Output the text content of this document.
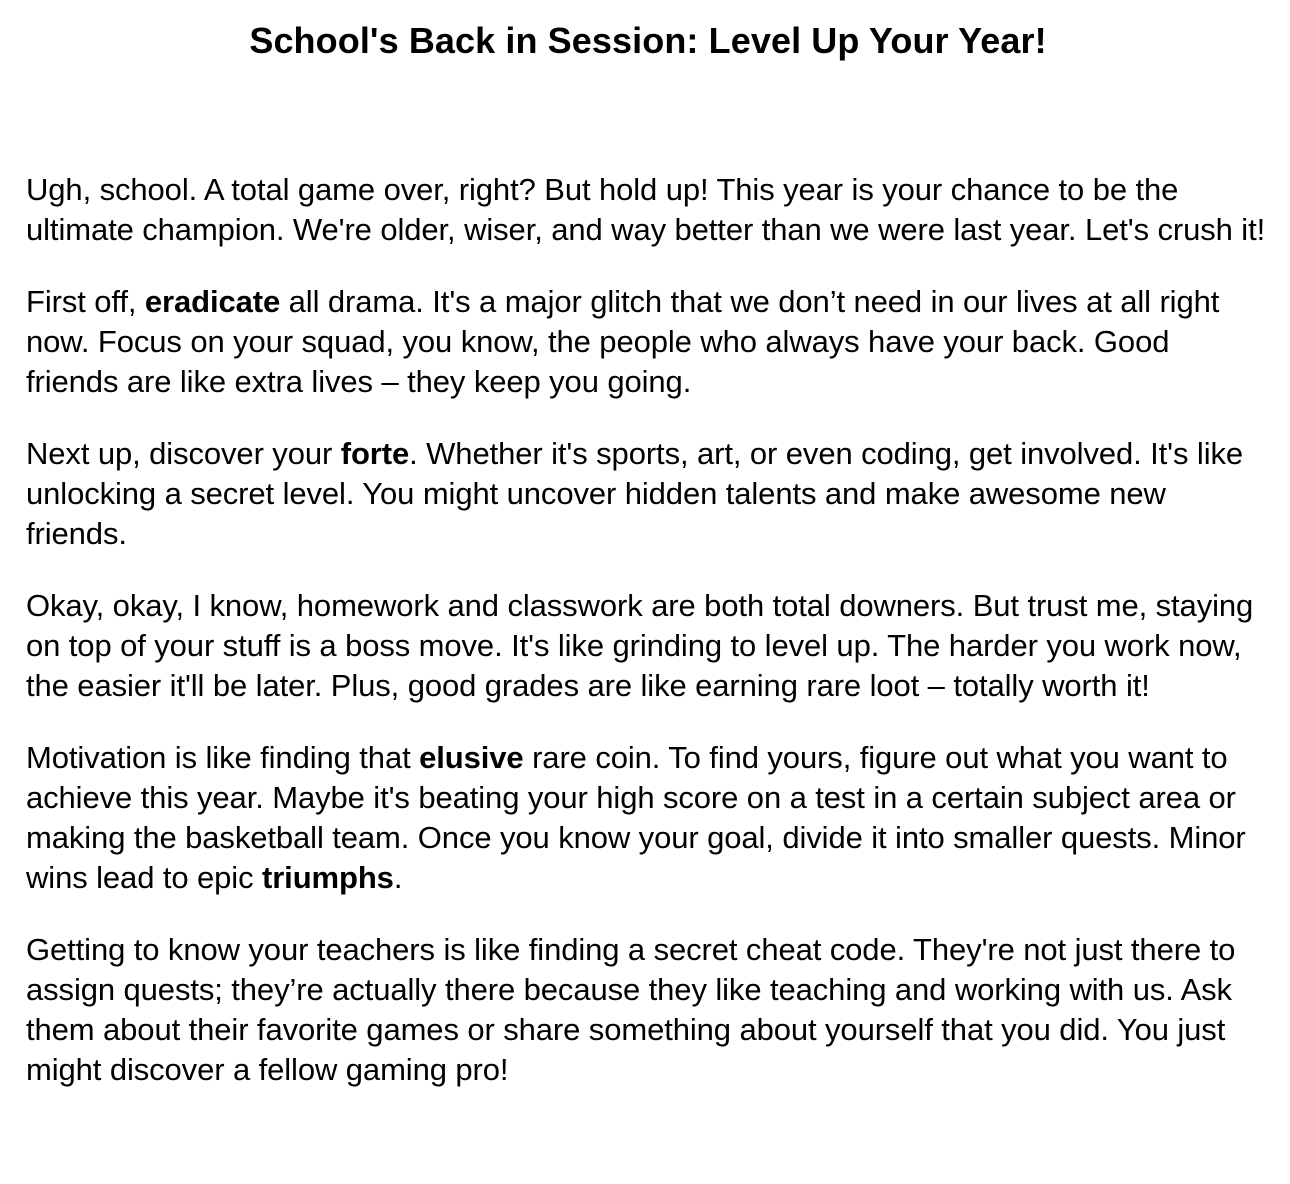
School's Back in Session: Level Up Your Year!

Ugh, school. A total game over, right? But hold up! This year is your chance to be the ultimate champion. We're older, wiser, and way better than we were last year. Let's crush it!

First off, eradicate all drama. It's a major glitch that we don’t need in our lives at all right now. Focus on your squad, you know, the people who always have your back. Good friends are like extra lives – they keep you going.

Next up, discover your forte. Whether it's sports, art, or even coding, get involved. It's like unlocking a secret level. You might uncover hidden talents and make awesome new friends.

Okay, okay, I know, homework and classwork are both total downers. But trust me, staying on top of your stuff is a boss move. It's like grinding to level up. The harder you work now, the easier it'll be later. Plus, good grades are like earning rare loot – totally worth it!

Motivation is like finding that elusive rare coin. To find yours, figure out what you want to achieve this year. Maybe it's beating your high score on a test in a certain subject area or making the basketball team. Once you know your goal, divide it into smaller quests. Minor wins lead to epic triumphs.

Getting to know your teachers is like finding a secret cheat code. They're not just there to assign quests; they’re actually there because they like teaching and working with us. Ask them about their favorite games or share something about yourself that you did. You just might discover a fellow gaming pro!
